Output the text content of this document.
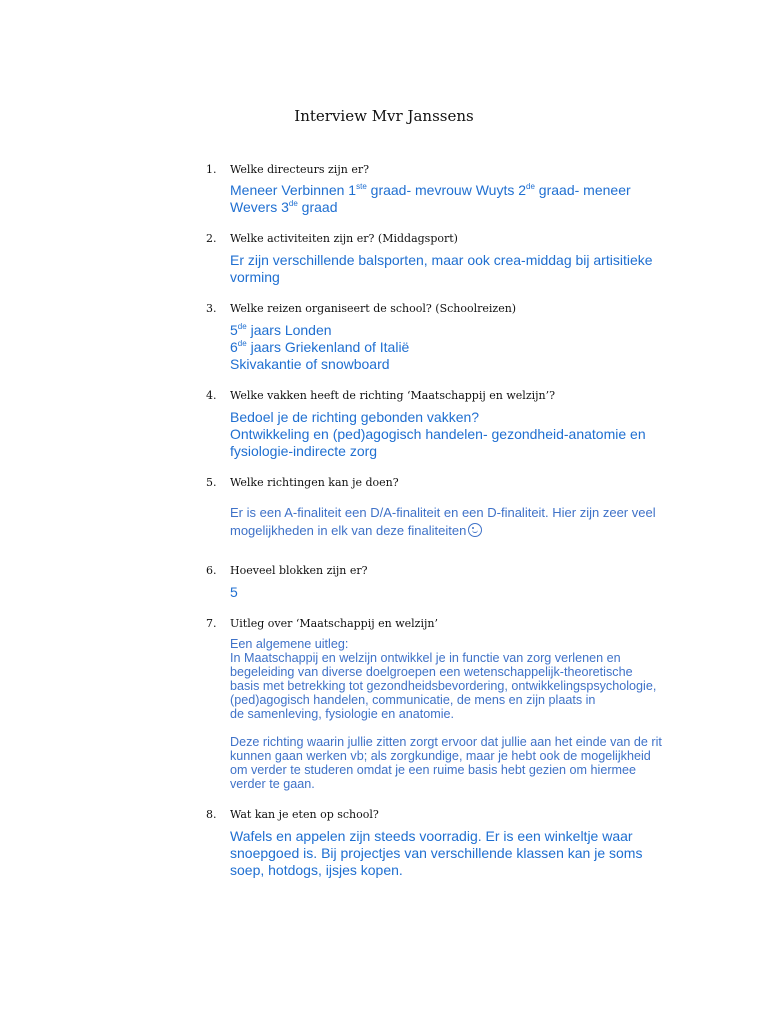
Interview Mvr Janssens
1. Welke directeurs zijn er?
Meneer Verbinnen 1ste graad- mevrouw Wuyts 2de graad- meneer
Wevers 3de graad
2. Welke activiteiten zijn er? (Middagsport)
Er zijn verschillende balsporten, maar ook crea-middag bij artisitieke
vorming
3. Welke reizen organiseert de school? (Schoolreizen)
5de jaars Londen
6de jaars Griekenland of Italië
Skivakantie of snowboard
4. Welke vakken heeft de richting ‘Maatschappij en welzijn’?
Bedoel je de richting gebonden vakken?
Ontwikkeling en (ped)agogisch handelen- gezondheid-anatomie en
fysiologie-indirecte zorg
5. Welke richtingen kan je doen?
Er is een A-finaliteit een D/A-finaliteit en een D-finaliteit. Hier zijn zeer veel
mogelijkheden in elk van deze finaliteiten
6. Hoeveel blokken zijn er?
5
7. Uitleg over ‘Maatschappij en welzijn’
Een algemene uitleg:
In Maatschappij en welzijn ontwikkel je in functie van zorg verlenen en
begeleiding van diverse doelgroepen een wetenschappelijk-theoretische
basis met betrekking tot gezondheidsbevordering, ontwikkelingspsychologie,
(ped)agogisch handelen, communicatie, de mens en zijn plaats in
de samenleving, fysiologie en anatomie.
Deze richting waarin jullie zitten zorgt ervoor dat jullie aan het einde van de rit
kunnen gaan werken vb; als zorgkundige, maar je hebt ook de mogelijkheid
om verder te studeren omdat je een ruime basis hebt gezien om hiermee
verder te gaan.
8. Wat kan je eten op school?
Wafels en appelen zijn steeds voorradig. Er is een winkeltje waar
snoepgoed is. Bij projectjes van verschillende klassen kan je soms
soep, hotdogs, ijsjes kopen.
